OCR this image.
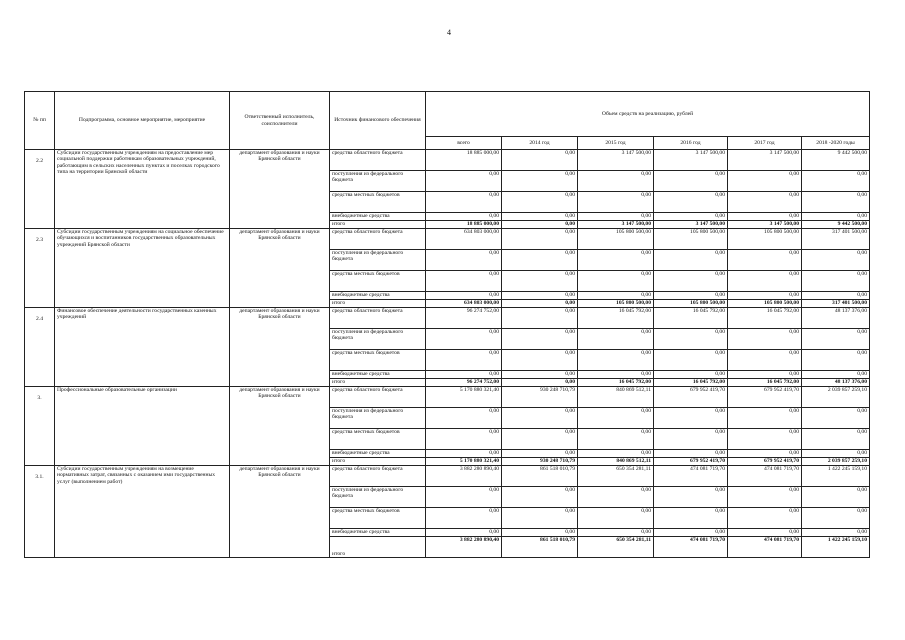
4
№ пп	Подпрограмма, основное мероприятие, мероприятие	Ответственный исполнитель, соисполнители	Источник финансового обеспечения	Объем средств на реализацию, рублей					
				всего	2014 год	2015 год	2016 год	2017 год	2018 -2020 годы
2.2	Субсидии государственным учреждениям на предоставление мер социальной поддержки работникам образовательных учреждений, работающим в сельских населенных пунктах и поселках городского типа на территории Брянской области	департамент образования и науки Брянской области	средства областного бюджета	18 885 000,00	0,00	3 147 500,00	3 147 500,00	3 147 500,00	9 442 500,00
			поступления из федерального бюджета	0,00	0,00	0,00	0,00	0,00	0,00
			средства местных бюджетов	0,00	0,00	0,00	0,00	0,00	0,00
			внебюджетные средства	0,00	0,00	0,00	0,00	0,00	0,00
			итого	18 885 000,00	0,00	3 147 500,00	3 147 500,00	3 147 500,00	9 442 500,00
2.3	Субсидии государственным учреждениям на социальное обеспечение обучающихся и воспитанников государственных образовательных учреждений Брянской области	департамент образования и науки Брянской области	средства областного бюджета	634 803 000,00	0,00	105 800 500,00	105 800 500,00	105 800 500,00	317 401 500,00
			поступления из федерального бюджета	0,00	0,00	0,00	0,00	0,00	0,00
			средства местных бюджетов	0,00	0,00	0,00	0,00	0,00	0,00
			внебюджетные средства	0,00	0,00	0,00	0,00	0,00	0,00
			итого	634 803 000,00	0,00	105 800 500,00	105 800 500,00	105 800 500,00	317 401 500,00
2.4	Финансовое обеспечение деятельности государственных казенных учреждений	департамент образования и науки Брянской области	средства областного бюджета	96 274 752,00	0,00	16 045 792,00	16 045 792,00	16 045 792,00	48 137 376,00
			поступления из федерального бюджета	0,00	0,00	0,00	0,00	0,00	0,00
			средства местных бюджетов	0,00	0,00	0,00	0,00	0,00	0,00
			внебюджетные средства	0,00	0,00	0,00	0,00	0,00	0,00
			итого	96 274 752,00	0,00	16 045 792,00	16 045 792,00	16 045 792,00	48 137 376,00
3.	Профессиональные образовательные организации	департамент образования и науки Брянской области	средства областного бюджета	5 170 880 321,40	930 248 710,79	840 869 512,11	679 952 419,70	679 952 419,70	2 039 857 259,10
			поступления из федерального бюджета	0,00	0,00	0,00	0,00	0,00	0,00
			средства местных бюджетов	0,00	0,00	0,00	0,00	0,00	0,00
			внебюджетные средства	0,00	0,00	0,00	0,00	0,00	0,00
			итого	5 170 880 321,40	930 248 710,79	840 869 512,11	679 952 419,70	679 952 419,70	2 039 857 259,10
3.1.	Субсидии государственным учреждениям на возмещение нормативных затрат, связанных с оказанием ими государственных услуг (выполнением работ)	департамент образования и науки Брянской области	средства областного бюджета	3 882 280 890,40	861 518 010,79	650 354 281,11	474 081 719,70	474 081 719,70	1 422 245 159,10
			поступления из федерального бюджета	0,00	0,00	0,00	0,00	0,00	0,00
			средства местных бюджетов	0,00	0,00	0,00	0,00	0,00	0,00
			внебюджетные средства	0,00	0,00	0,00	0,00	0,00	0,00
			итого	3 882 280 890,40	861 518 010,79	650 354 281,11	474 081 719,70	474 081 719,70	1 422 245 159,10
